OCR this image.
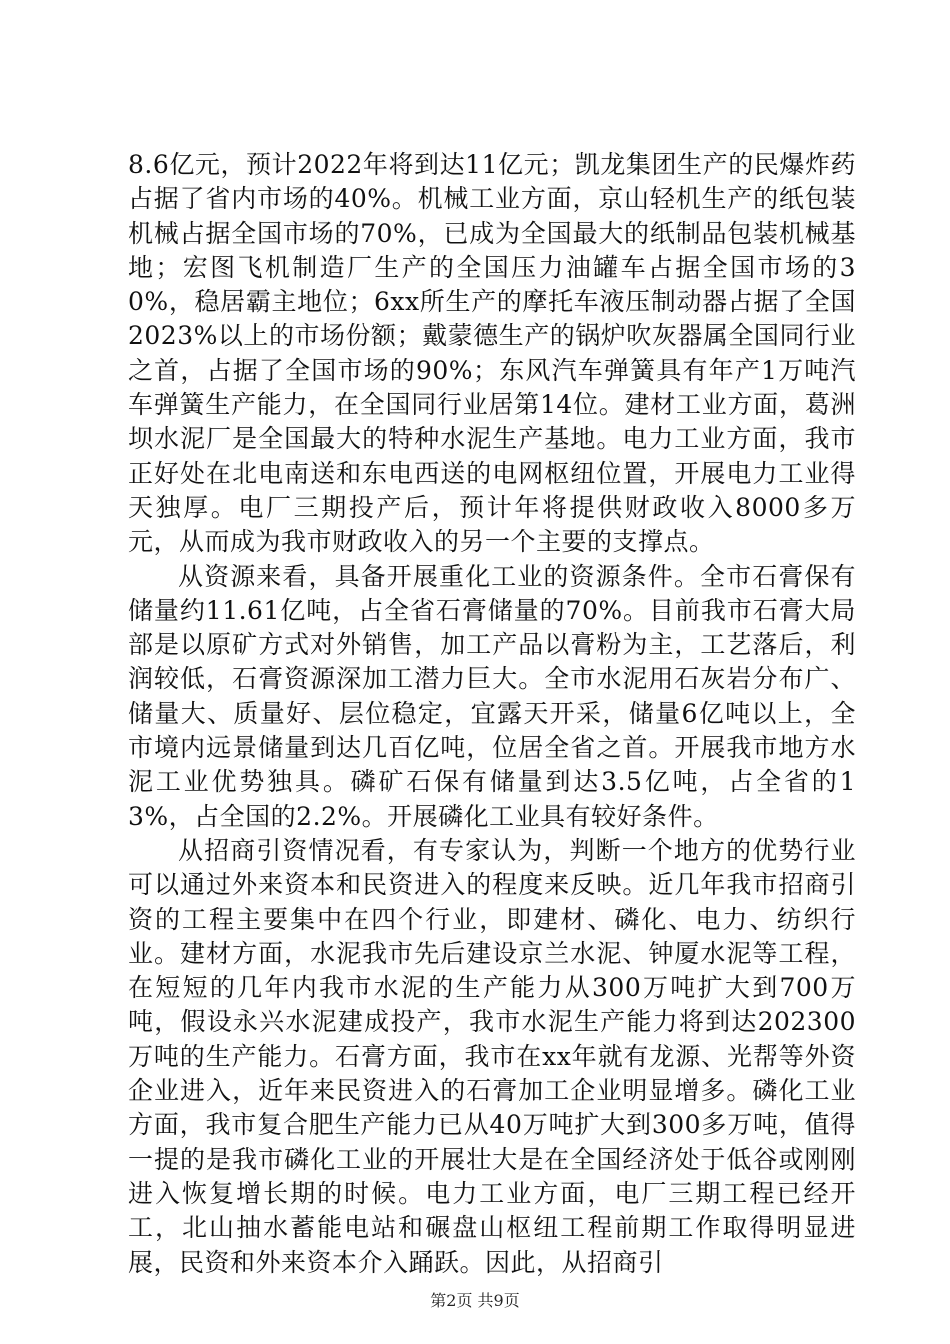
8.6亿元，预计2022年将到达11亿元；凯龙集团生产的民爆炸药占据了省内市场的40%。机械工业方面，京山轻机生产的纸包装机械占据全国市场的70%，已成为全国最大的纸制品包装机械基地；宏图飞机制造厂生产的全国压力油罐车占据全国市场的30%，稳居霸主地位；6xx所生产的摩托车液压制动器占据了全国2023%以上的市场份额；戴蒙德生产的锅炉吹灰器属全国同行业之首，占据了全国市场的90%；东风汽车弹簧具有年产1万吨汽车弹簧生产能力，在全国同行业居第14位。建材工业方面，葛洲坝水泥厂是全国最大的特种水泥生产基地。电力工业方面，我市正好处在北电南送和东电西送的电网枢纽位置，开展电力工业得天独厚。电厂三期投产后，预计年将提供财政收入8000多万元，从而成为我市财政收入的另一个主要的支撑点。

从资源来看，具备开展重化工业的资源条件。全市石膏保有储量约11.61亿吨，占全省石膏储量的70%。目前我市石膏大局部是以原矿方式对外销售，加工产品以膏粉为主，工艺落后，利润较低，石膏资源深加工潜力巨大。全市水泥用石灰岩分布广、储量大、质量好、层位稳定，宜露天开采，储量6亿吨以上，全市境内远景储量到达几百亿吨，位居全省之首。开展我市地方水泥工业优势独具。磷矿石保有储量到达3.5亿吨，占全省的13%，占全国的2.2%。开展磷化工业具有较好条件。

从招商引资情况看，有专家认为，判断一个地方的优势行业可以通过外来资本和民资进入的程度来反映。近几年我市招商引资的工程主要集中在四个行业，即建材、磷化、电力、纺织行业。建材方面，水泥我市先后建设京兰水泥、钟厦水泥等工程，在短短的几年内我市水泥的生产能力从300万吨扩大到700万吨，假设永兴水泥建成投产，我市水泥生产能力将到达202300万吨的生产能力。石膏方面，我市在xx年就有龙源、光帮等外资企业进入，近年来民资进入的石膏加工企业明显增多。磷化工业方面，我市复合肥生产能力已从40万吨扩大到300多万吨，值得一提的是我市磷化工业的开展壮大是在全国经济处于低谷或刚刚进入恢复增长期的时候。电力工业方面，电厂三期工程已经开工，北山抽水蓄能电站和碾盘山枢纽工程前期工作取得明显进展，民资和外来资本介入踊跃。因此，从招商引

第2页 共9页
